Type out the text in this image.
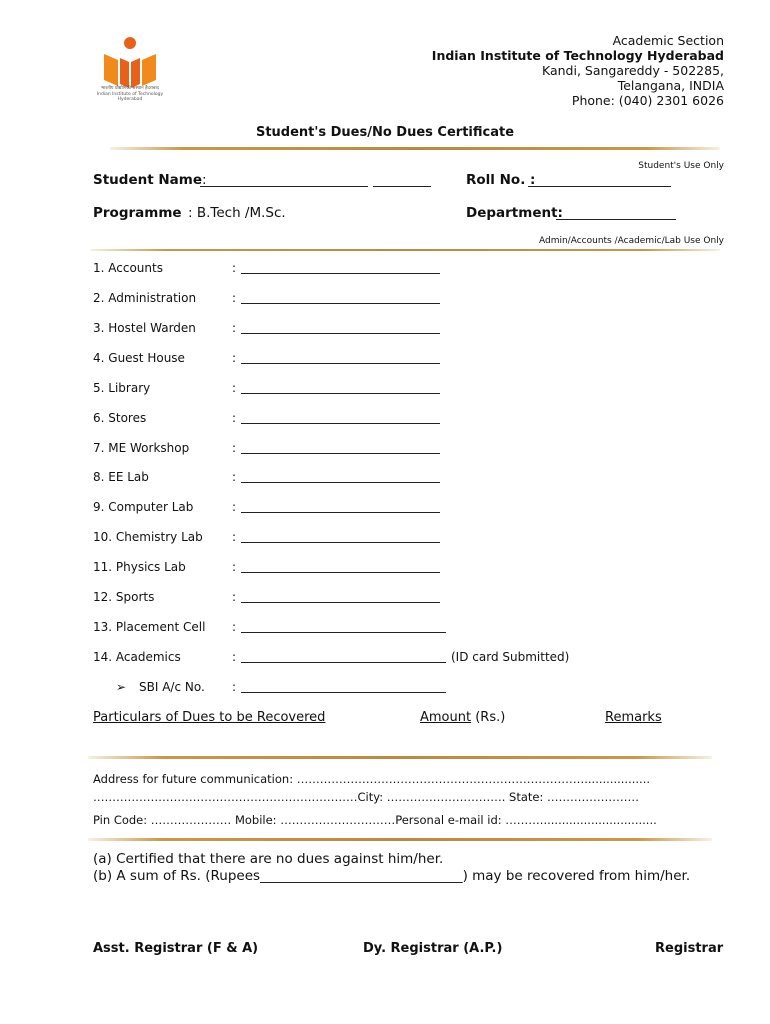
भारतीय प्रौद्योगिकी संस्थान हैदराबाद
Indian Institute of Technology
Hyderabad
Academic Section
Indian Institute of Technology Hyderabad
Kandi, Sangareddy - 502285,
Telangana, INDIA
Phone: (040) 2301 6026
Student's Dues/No Dues Certificate
Student's Use Only
Student Name:	Roll No. :
Programme : B.Tech /M.Sc.	Department:
Admin/Accounts /Academic/Lab Use Only
1. Accounts	:
2. Administration	:
3. Hostel Warden	:
4. Guest House	:
5. Library	:
6. Stores	:
7. ME Workshop	:
8. EE Lab	:
9. Computer Lab	:
10. Chemistry Lab :
11. Physics Lab	:
12. Sports	:
13. Placement Cell :
14. Academics	:	(ID card Submitted)
➢ SBI A/c No. :
Particulars of Dues to be Recovered	Amount (Rs.)	Remarks
Address for future communication: …………………………………………………………………..................
……………………………………………………………City: …………………………. State: ……………………
Pin Code: ………………… Mobile: …………………………Personal e-mail id: ………................................
(a) Certified that there are no dues against him/her.
(b) A sum of Rs. (Rupees______________________________) may be recovered from him/her.
Asst. Registrar (F & A)	Dy. Registrar (A.P.)	Registrar
